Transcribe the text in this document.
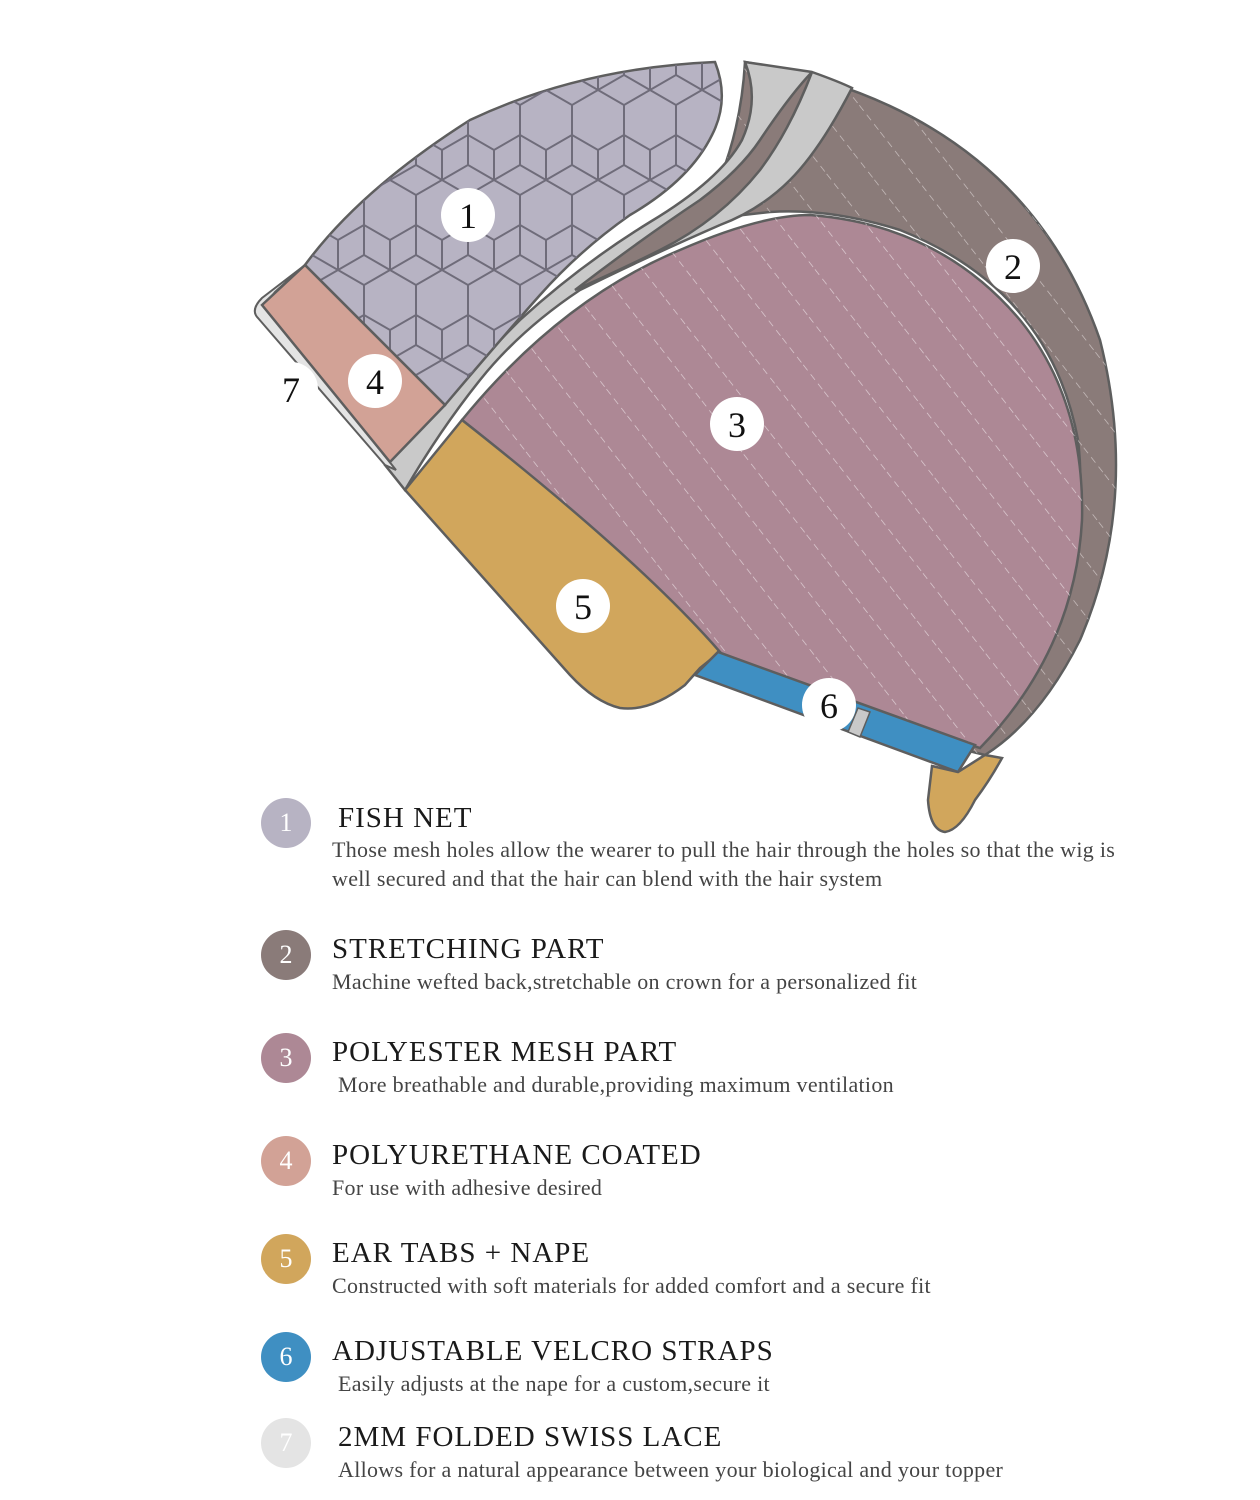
1
2
3
4
5
6
7
1	FISH NET
Those mesh holes allow the wearer to pull the hair through the holes so that the wig is well secured and that the hair can blend with the hair system
2	STRETCHING PART
Machine wefted back,stretchable on crown for a personalized fit
3	POLYESTER MESH PART
More breathable and durable,providing maximum ventilation
4	POLYURETHANE COATED
For use with adhesive desired
5	EAR TABS + NAPE
Constructed with soft materials for added comfort and a secure fit
6	ADJUSTABLE VELCRO STRAPS
Easily adjusts at the nape for a custom,secure it
7	2MM FOLDED SWISS LACE
Allows for a natural appearance between your biological and your topper
